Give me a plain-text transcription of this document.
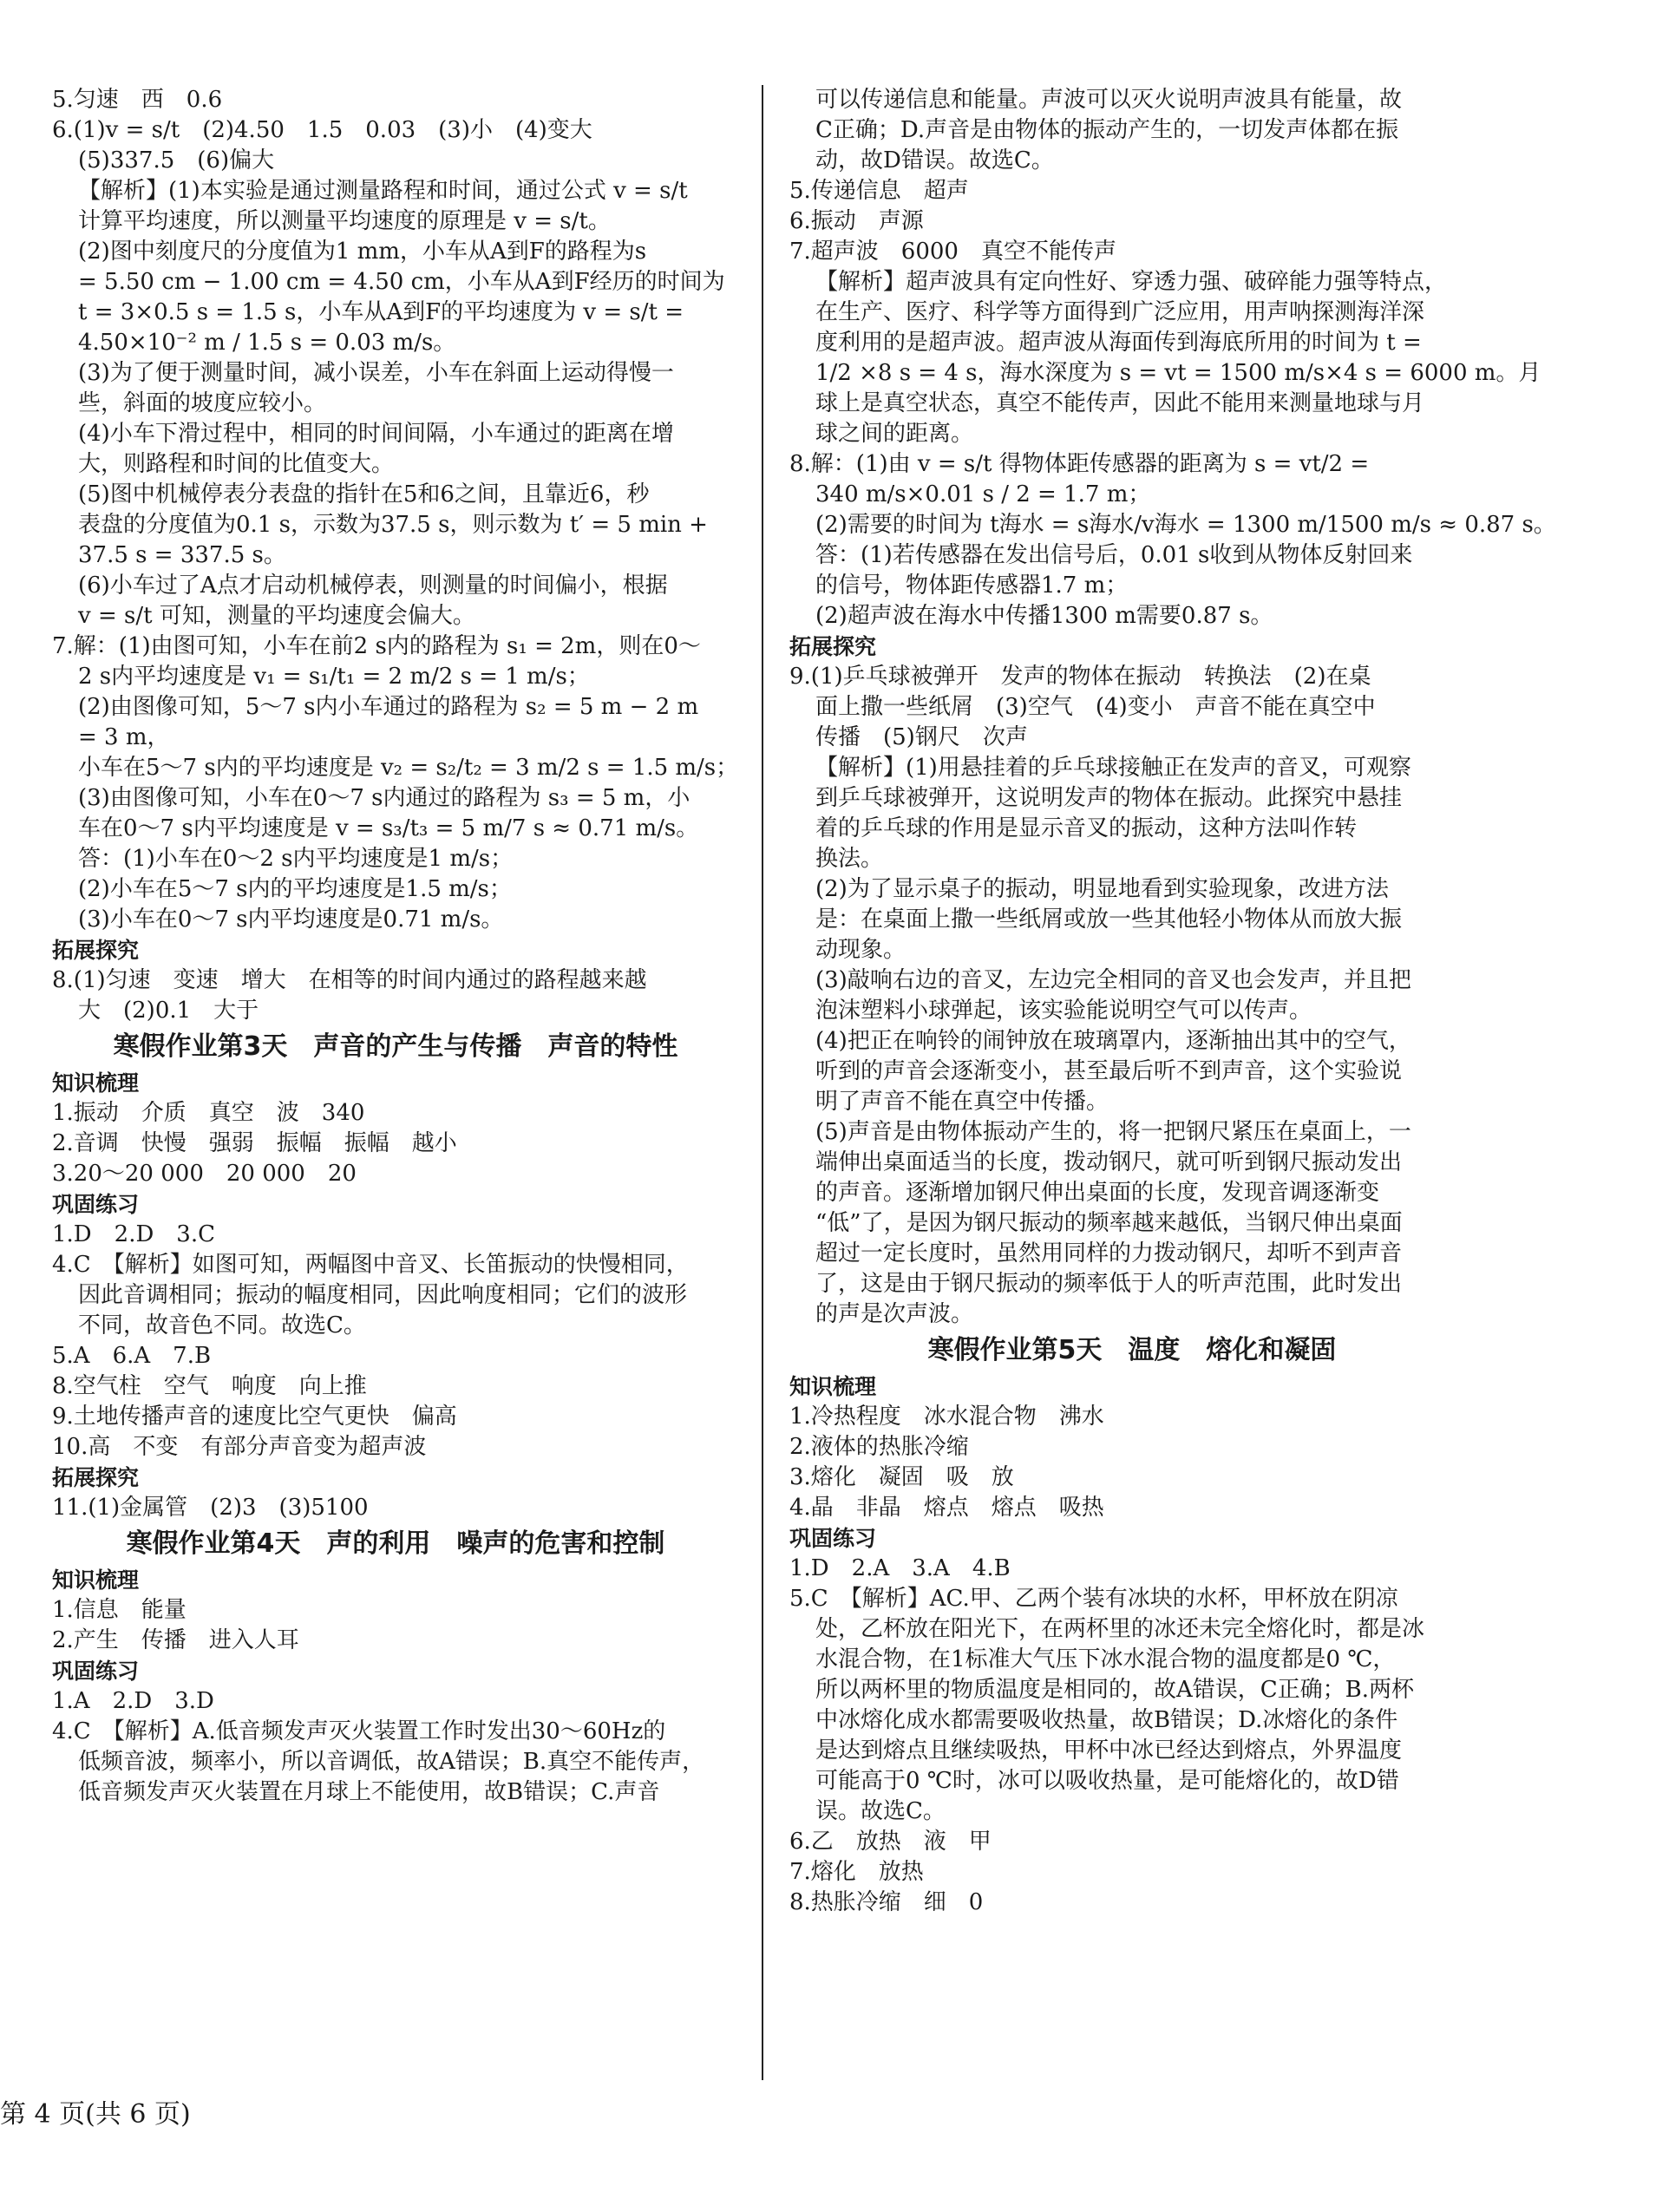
5.匀速　西　0.6
6.(1)v = s/t　(2)4.50　1.5　0.03　(3)小　(4)变大
(5)337.5　(6)偏大
【解析】(1)本实验是通过测量路程和时间，通过公式 v = s/t
计算平均速度，所以测量平均速度的原理是 v = s/t。
(2)图中刻度尺的分度值为1 mm，小车从A到F的路程为s
= 5.50 cm − 1.00 cm = 4.50 cm，小车从A到F经历的时间为
t = 3×0.5 s = 1.5 s，小车从A到F的平均速度为 v = s/t =
4.50×10⁻² m / 1.5 s = 0.03 m/s。
(3)为了便于测量时间，减小误差，小车在斜面上运动得慢一
些，斜面的坡度应较小。
(4)小车下滑过程中，相同的时间间隔，小车通过的距离在增
大，则路程和时间的比值变大。
(5)图中机械停表分表盘的指针在5和6之间，且靠近6，秒
表盘的分度值为0.1 s，示数为37.5 s，则示数为 t′ = 5 min +
37.5 s = 337.5 s。
(6)小车过了A点才启动机械停表，则测量的时间偏小，根据
v = s/t 可知，测量的平均速度会偏大。
7.解：(1)由图可知，小车在前2 s内的路程为 s₁ = 2m，则在0～
2 s内平均速度是 v₁ = s₁/t₁ = 2 m/2 s = 1 m/s；
(2)由图像可知，5～7 s内小车通过的路程为 s₂ = 5 m − 2 m
= 3 m，
小车在5～7 s内的平均速度是 v₂ = s₂/t₂ = 3 m/2 s = 1.5 m/s；
(3)由图像可知，小车在0～7 s内通过的路程为 s₃ = 5 m，小
车在0～7 s内平均速度是 v = s₃/t₃ = 5 m/7 s ≈ 0.71 m/s。
答：(1)小车在0～2 s内平均速度是1 m/s；
(2)小车在5～7 s内的平均速度是1.5 m/s；
(3)小车在0～7 s内平均速度是0.71 m/s。
拓展探究
8.(1)匀速　变速　增大　在相等的时间内通过的路程越来越
大　(2)0.1　大于
寒假作业第3天　声音的产生与传播　声音的特性
知识梳理
1.振动　介质　真空　波　340
2.音调　快慢　强弱　振幅　振幅　越小
3.20～20 000　20 000　20
巩固练习
1.D　2.D　3.C
4.C　【解析】如图可知，两幅图中音叉、长笛振动的快慢相同，
因此音调相同；振动的幅度相同，因此响度相同；它们的波形
不同，故音色不同。故选C。
5.A　6.A　7.B
8.空气柱　空气　响度　向上推
9.土地传播声音的速度比空气更快　偏高
10.高　不变　有部分声音变为超声波
拓展探究
11.(1)金属管　(2)3　(3)5100
寒假作业第4天　声的利用　噪声的危害和控制
知识梳理
1.信息　能量
2.产生　传播　进入人耳
巩固练习
1.A　2.D　3.D
4.C　【解析】A.低音频发声灭火装置工作时发出30～60Hz的
低频音波，频率小，所以音调低，故A错误；B.真空不能传声，
低音频发声灭火装置在月球上不能使用，故B错误；C.声音
可以传递信息和能量。声波可以灭火说明声波具有能量，故
C正确；D.声音是由物体的振动产生的，一切发声体都在振
动，故D错误。故选C。
5.传递信息　超声
6.振动　声源
7.超声波　6000　真空不能传声
【解析】超声波具有定向性好、穿透力强、破碎能力强等特点，
在生产、医疗、科学等方面得到广泛应用，用声呐探测海洋深
度利用的是超声波。超声波从海面传到海底所用的时间为 t =
1/2 ×8 s = 4 s，海水深度为 s = vt = 1500 m/s×4 s = 6000 m。月
球上是真空状态，真空不能传声，因此不能用来测量地球与月
球之间的距离。
8.解：(1)由 v = s/t 得物体距传感器的距离为 s = vt/2 =
340 m/s×0.01 s / 2 = 1.7 m；
(2)需要的时间为 t海水 = s海水/v海水 = 1300 m/1500 m/s ≈ 0.87 s。
答：(1)若传感器在发出信号后，0.01 s收到从物体反射回来
的信号，物体距传感器1.7 m；
(2)超声波在海水中传播1300 m需要0.87 s。
拓展探究
9.(1)乒乓球被弹开　发声的物体在振动　转换法　(2)在桌
面上撒一些纸屑　(3)空气　(4)变小　声音不能在真空中
传播　(5)钢尺　次声
【解析】(1)用悬挂着的乒乓球接触正在发声的音叉，可观察
到乒乓球被弹开，这说明发声的物体在振动。此探究中悬挂
着的乒乓球的作用是显示音叉的振动，这种方法叫作转
换法。
(2)为了显示桌子的振动，明显地看到实验现象，改进方法
是：在桌面上撒一些纸屑或放一些其他轻小物体从而放大振
动现象。
(3)敲响右边的音叉，左边完全相同的音叉也会发声，并且把
泡沫塑料小球弹起，该实验能说明空气可以传声。
(4)把正在响铃的闹钟放在玻璃罩内，逐渐抽出其中的空气，
听到的声音会逐渐变小，甚至最后听不到声音，这个实验说
明了声音不能在真空中传播。
(5)声音是由物体振动产生的，将一把钢尺紧压在桌面上，一
端伸出桌面适当的长度，拨动钢尺，就可听到钢尺振动发出
的声音。逐渐增加钢尺伸出桌面的长度，发现音调逐渐变
“低”了，是因为钢尺振动的频率越来越低，当钢尺伸出桌面
超过一定长度时，虽然用同样的力拨动钢尺，却听不到声音
了，这是由于钢尺振动的频率低于人的听声范围，此时发出
的声是次声波。
寒假作业第5天　温度　熔化和凝固
知识梳理
1.冷热程度　冰水混合物　沸水
2.液体的热胀冷缩
3.熔化　凝固　吸　放
4.晶　非晶　熔点　熔点　吸热
巩固练习
1.D　2.A　3.A　4.B
5.C　【解析】AC.甲、乙两个装有冰块的水杯，甲杯放在阴凉
处，乙杯放在阳光下，在两杯里的冰还未完全熔化时，都是冰
水混合物，在1标准大气压下冰水混合物的温度都是0 ℃，
所以两杯里的物质温度是相同的，故A错误，C正确；B.两杯
中冰熔化成水都需要吸收热量，故B错误；D.冰熔化的条件
是达到熔点且继续吸热，甲杯中冰已经达到熔点，外界温度
可能高于0 ℃时，冰可以吸收热量，是可能熔化的，故D错
误。故选C。
6.乙　放热　液　甲
7.熔化　放热
8.热胀冷缩　细　0
第 4 页(共 6 页)
